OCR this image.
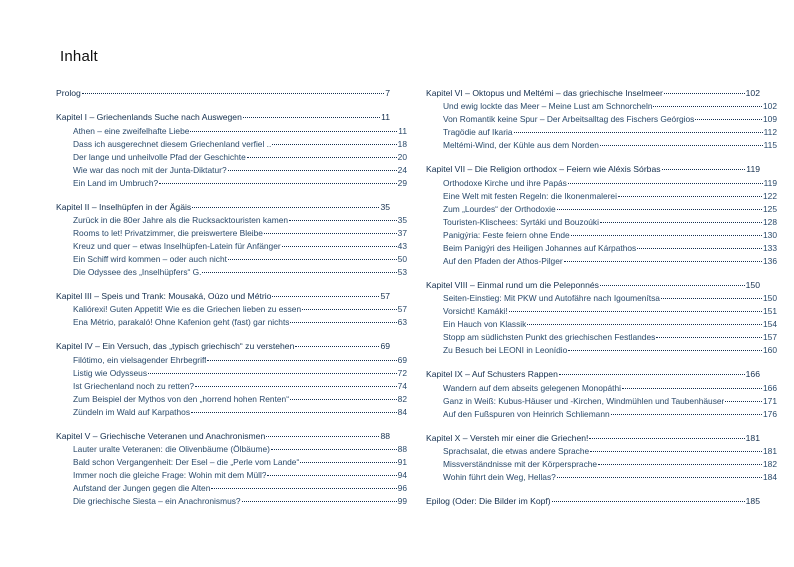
Inhalt
Prolog	7
Kapitel I – Griechenlands Suche nach Auswegen	11
Athen – eine zweifelhafte Liebe	11
Dass ich ausgerechnet diesem Griechenland verfiel ..	18
Der lange und unheilvolle Pfad der Geschichte	20
Wie war das noch mit der Junta-Diktatur?	24
Ein Land im Umbruch?	29
Kapitel II – Inselhüpfen in der Ägäis	35
Zurück in die 80er Jahre als die Rucksacktouristen kamen	35
Rooms to let! Privatzimmer, die preiswertere Bleibe	37
Kreuz und quer – etwas Inselhüpfen-Latein für Anfänger	43
Ein Schiff wird kommen – oder auch nicht	50
Die Odyssee des „Inselhüpfers“ G.	53
Kapitel III – Speis und Trank: Mousaká, Oúzo und Métrio	57
Kaliórexi! Guten Appetit! Wie es die Griechen lieben zu essen	57
Ena Métrio, parakaló! Ohne Kafenion geht (fast) gar nichts	63
Kapitel IV – Ein Versuch, das „typisch griechisch“ zu verstehen	69
Filótimo, ein vielsagender Ehrbegriff	69
Listig wie Odysseus	72
Ist Griechenland noch zu retten?	74
Zum Beispiel der Mythos von den „horrend hohen Renten“	82
Zündeln im Wald auf Karpathos	84
Kapitel V – Griechische Veteranen und Anachronismen	88
Lauter uralte Veteranen: die Olivenbäume (Ölbäume)	88
Bald schon Vergangenheit: Der Esel – die „Perle vom Lande“	91
Immer noch die gleiche Frage: Wohin mit dem Müll?	94
Aufstand der Jungen gegen die Alten	96
Die griechische Siesta – ein Anachronismus?	99
Kapitel VI – Oktopus und Meltémi – das griechische Inselmeer	102
Und ewig lockte das Meer – Meine Lust am Schnorcheln	102
Von Romantik keine Spur – Der Arbeitsalltag des Fischers Geórgios	109
Tragödie auf Ikaria	112
Meltémi-Wind, der Kühle aus dem Norden	115
Kapitel VII – Die Religion orthodox – Feiern wie Aléxis Sórbas	119
Orthodoxe Kirche und ihre Papás	119
Eine Welt mit festen Regeln: die Ikonenmalerei	122
Zum „Lourdes“ der Orthodoxie	125
Touristen-Klischees: Syrtáki und Bouzoúki	128
Panigýria: Feste feiern ohne Ende	130
Beim Panigýri des Heiligen Johannes auf Kárpathos	133
Auf den Pfaden der Athos-Pilger	136
Kapitel VIII – Einmal rund um die Peleponnés	150
Seiten-Einstieg: Mit PKW und Autofähre nach Igoumenítsa	150
Vorsicht! Kamáki!	151
Ein Hauch von Klassik	154
Stopp am südlichsten Punkt des griechischen Festlandes	157
Zu Besuch bei LEONI in Leonídio	160
Kapitel IX – Auf Schusters Rappen	166
Wandern auf dem abseits gelegenen Monopáthi	166
Ganz in Weiß: Kubus-Häuser und -Kirchen, Windmühlen und Taubenhäuser	171
Auf den Fußspuren von Heinrich Schliemann	176
Kapitel X – Versteh mir einer die Griechen!	181
Sprachsalat, die etwas andere Sprache	181
Missverständnisse mit der Körpersprache	182
Wohin führt dein Weg, Hellas?	184
Epilog (Oder: Die Bilder im Kopf)	185
